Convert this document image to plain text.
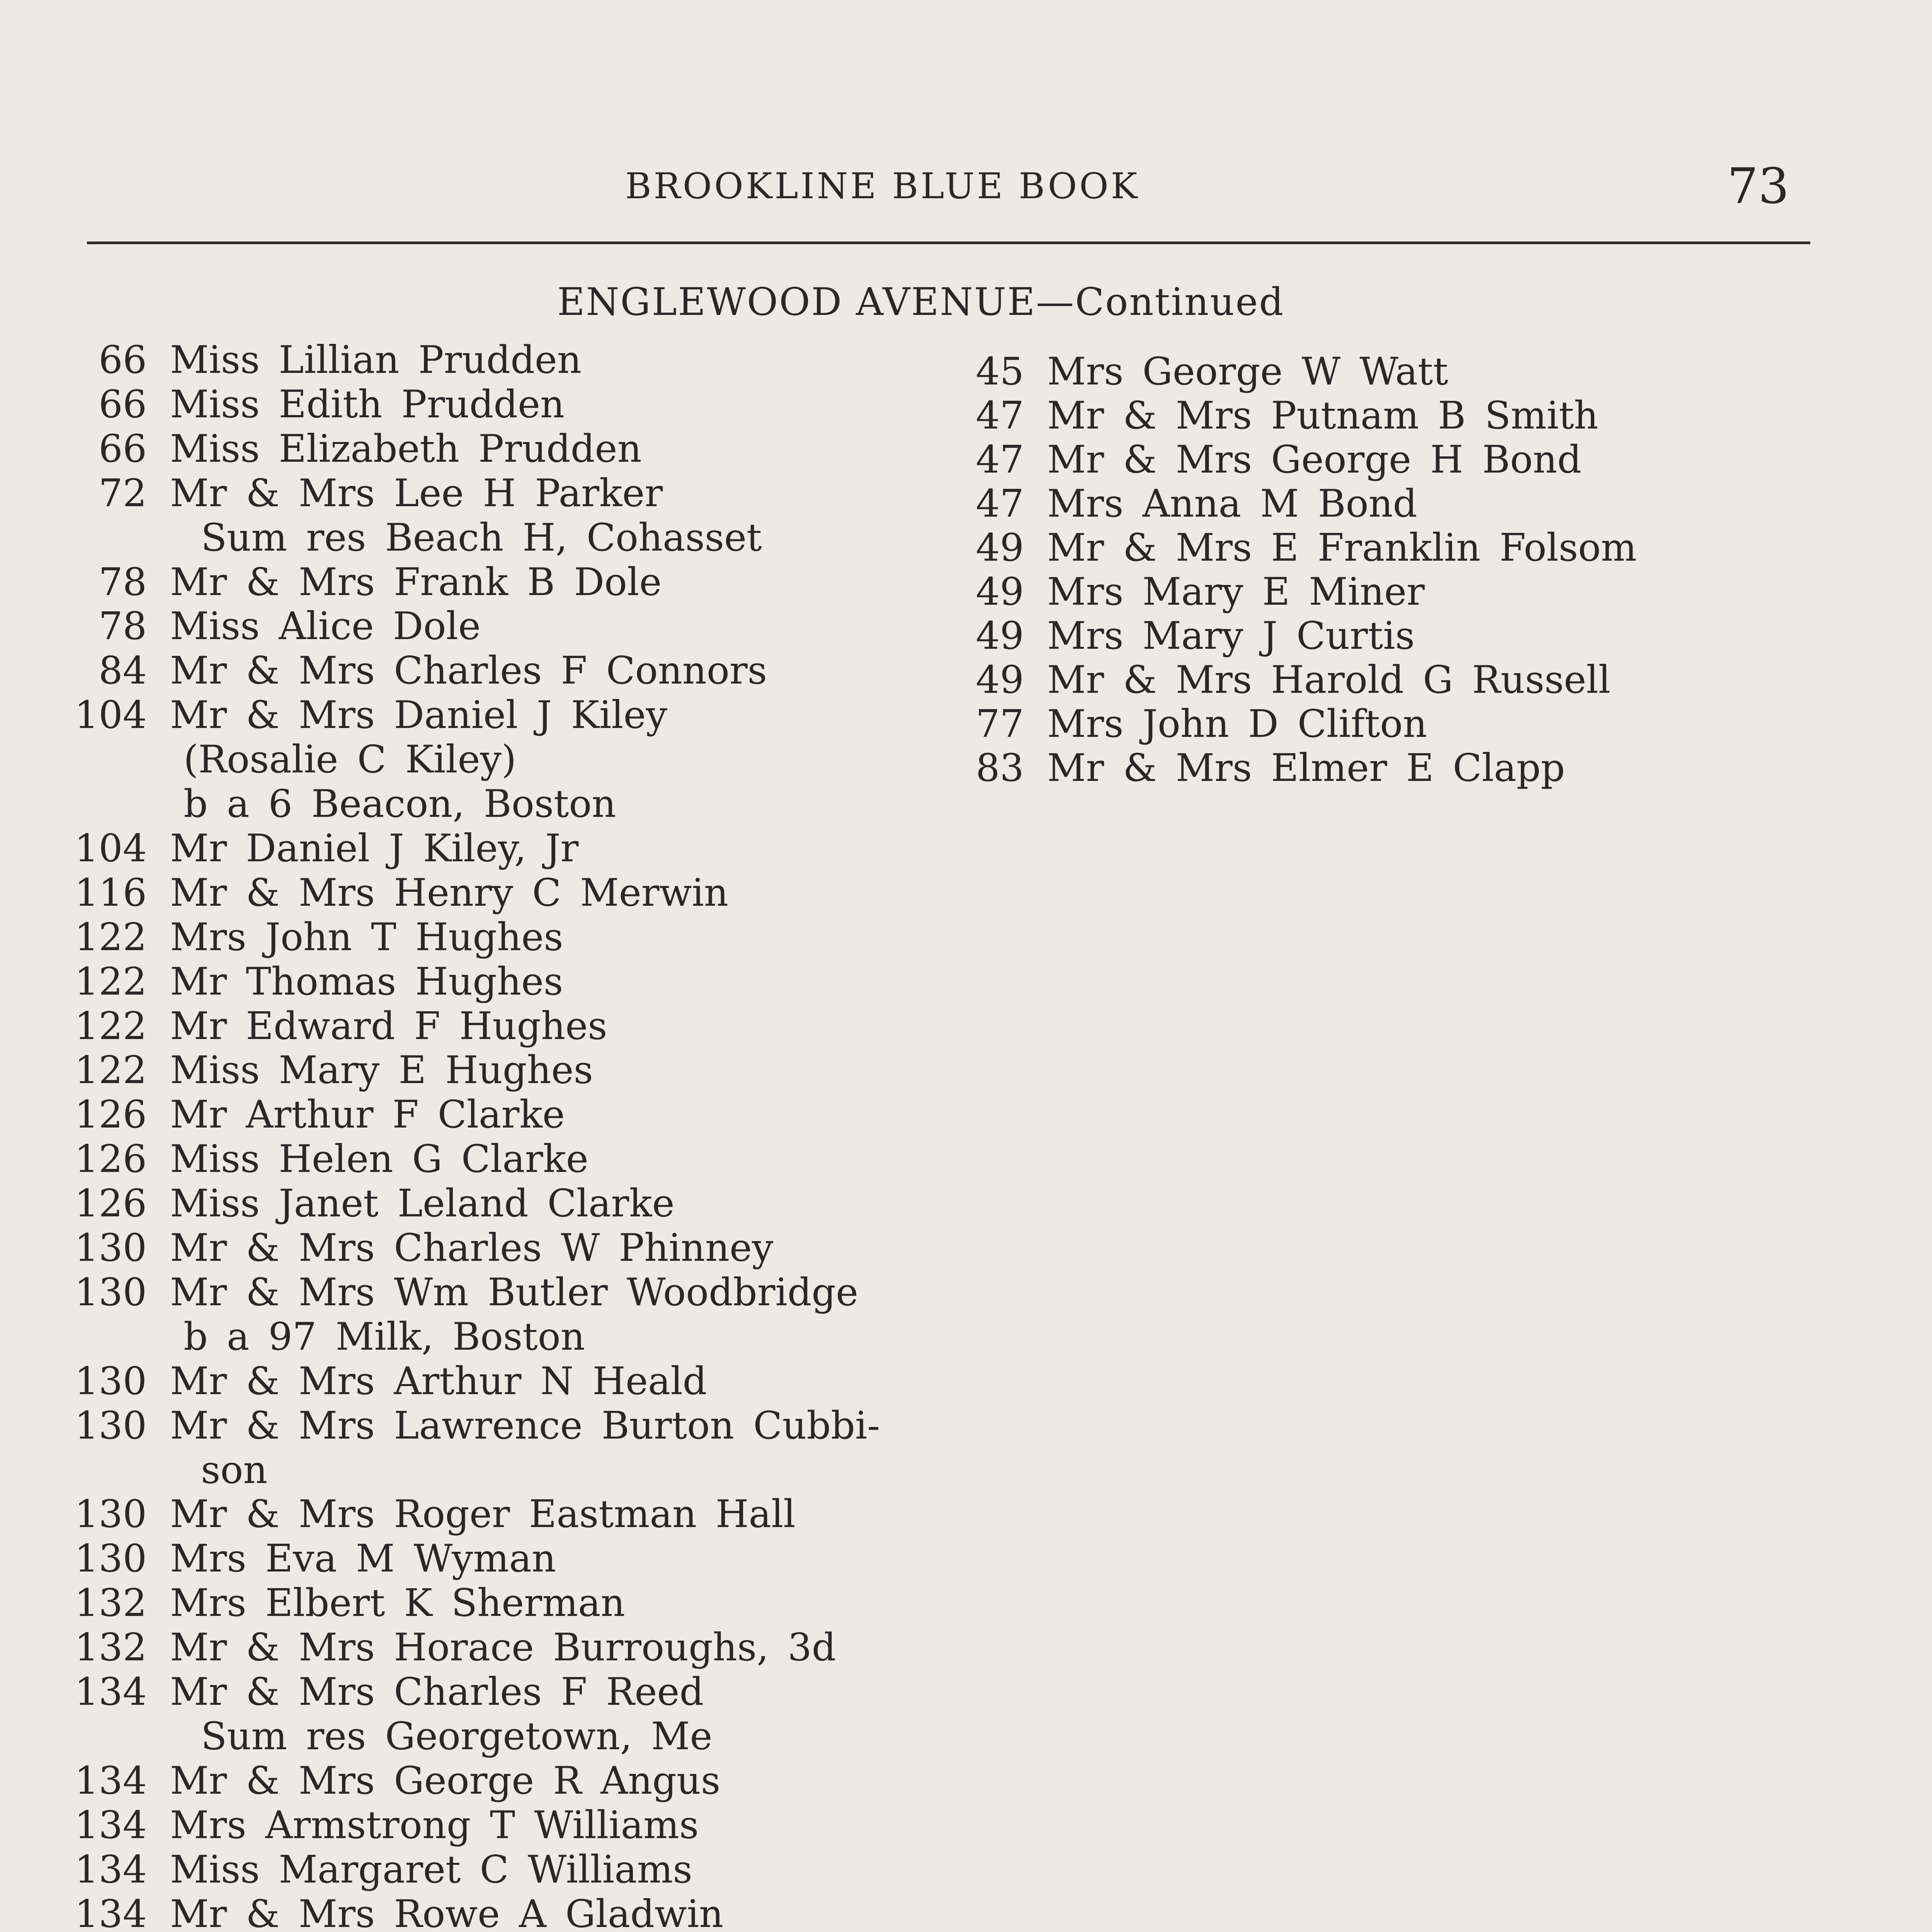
BROOKLINE BLUE BOOK	73
ENGLEWOOD AVENUE—Continued
66 Miss Lillian Prudden
66 Miss Edith Prudden
66 Miss Elizabeth Prudden
72 Mr & Mrs Lee H Parker
Sum res Beach H, Cohasset
78 Mr & Mrs Frank B Dole
78 Miss Alice Dole
84 Mr & Mrs Charles F Connors
104 Mr & Mrs Daniel J Kiley
(Rosalie C Kiley)
b a 6 Beacon, Boston
104 Mr Daniel J Kiley, Jr
116 Mr & Mrs Henry C Merwin
122 Mrs John T Hughes
122 Mr Thomas Hughes
122 Mr Edward F Hughes
122 Miss Mary E Hughes
126 Mr Arthur F Clarke
126 Miss Helen G Clarke
126 Miss Janet Leland Clarke
130 Mr & Mrs Charles W Phinney
130 Mr & Mrs Wm Butler Woodbridge
b a 97 Milk, Boston
130 Mr & Mrs Arthur N Heald
130 Mr & Mrs Lawrence Burton Cubbi-
son
130 Mr & Mrs Roger Eastman Hall
130 Mrs Eva M Wyman
132 Mrs Elbert K Sherman
132 Mr & Mrs Horace Burroughs, 3d
134 Mr & Mrs Charles F Reed
Sum res Georgetown, Me
134 Mr & Mrs George R Angus
134 Mrs Armstrong T Williams
134 Miss Margaret C Williams
134 Mr & Mrs Rowe A Gladwin
45 Mrs George W Watt
47 Mr & Mrs Putnam B Smith
47 Mr & Mrs George H Bond
47 Mrs Anna M Bond
49 Mr & Mrs E Franklin Folsom
49 Mrs Mary E Miner
49 Mrs Mary J Curtis
49 Mr & Mrs Harold G Russell
77 Mrs John D Clifton
83 Mr & Mrs Elmer E Clapp
